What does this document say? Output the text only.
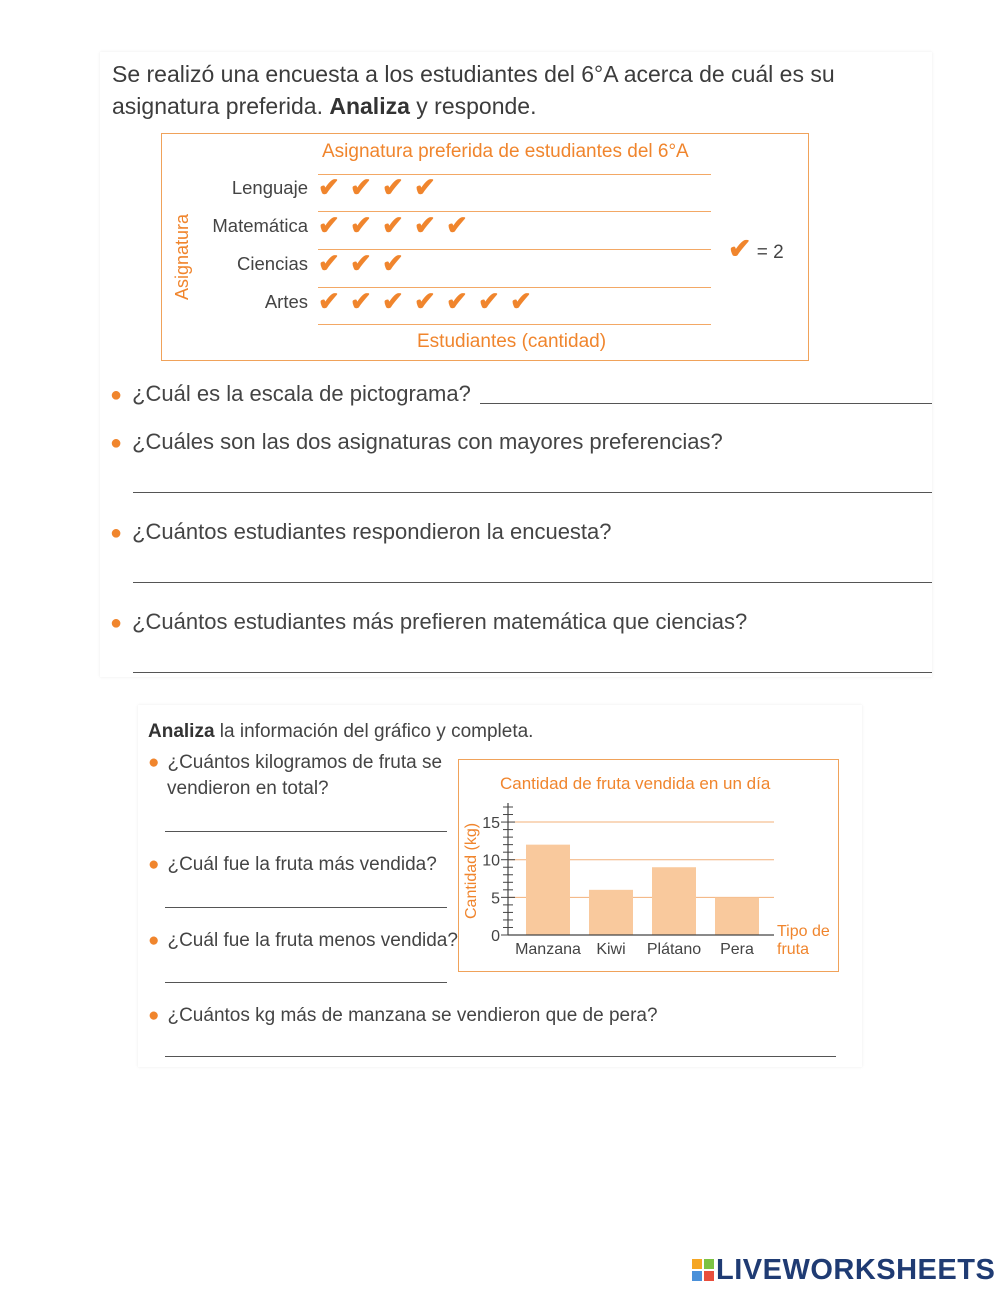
Se realizó una encuesta a los estudiantes del 6°A acerca de cuál es su
asignatura preferida. Analiza y responde.
Asignatura preferida de estudiantes del 6°A
Asignatura
Estudiantes (cantidad)
Lenguaje ✔ ✔ ✔ ✔
Matemática ✔ ✔ ✔ ✔ ✔
Ciencias ✔ ✔ ✔
Artes ✔ ✔ ✔ ✔ ✔ ✔ ✔
✔ = 2
● ¿Cuál es la escala de pictograma?
● ¿Cuáles son las dos asignaturas con mayores preferencias?
● ¿Cuántos estudiantes respondieron la encuesta?
● ¿Cuántos estudiantes más prefieren matemática que ciencias?
Analiza la información del gráfico y completa.
● ¿Cuántos kilogramos de fruta se
vendieron en total?
● ¿Cuál fue la fruta más vendida?
● ¿Cuál fue la fruta menos vendida?
● ¿Cuántos kg más de manzana se vendieron que de pera?
Cantidad de fruta vendida en un día
Manzana Kiwi Plátano Pera
0
5
10
15
Cantidad (kg)
Tipo de
fruta
LIVEWORKSHEETS
